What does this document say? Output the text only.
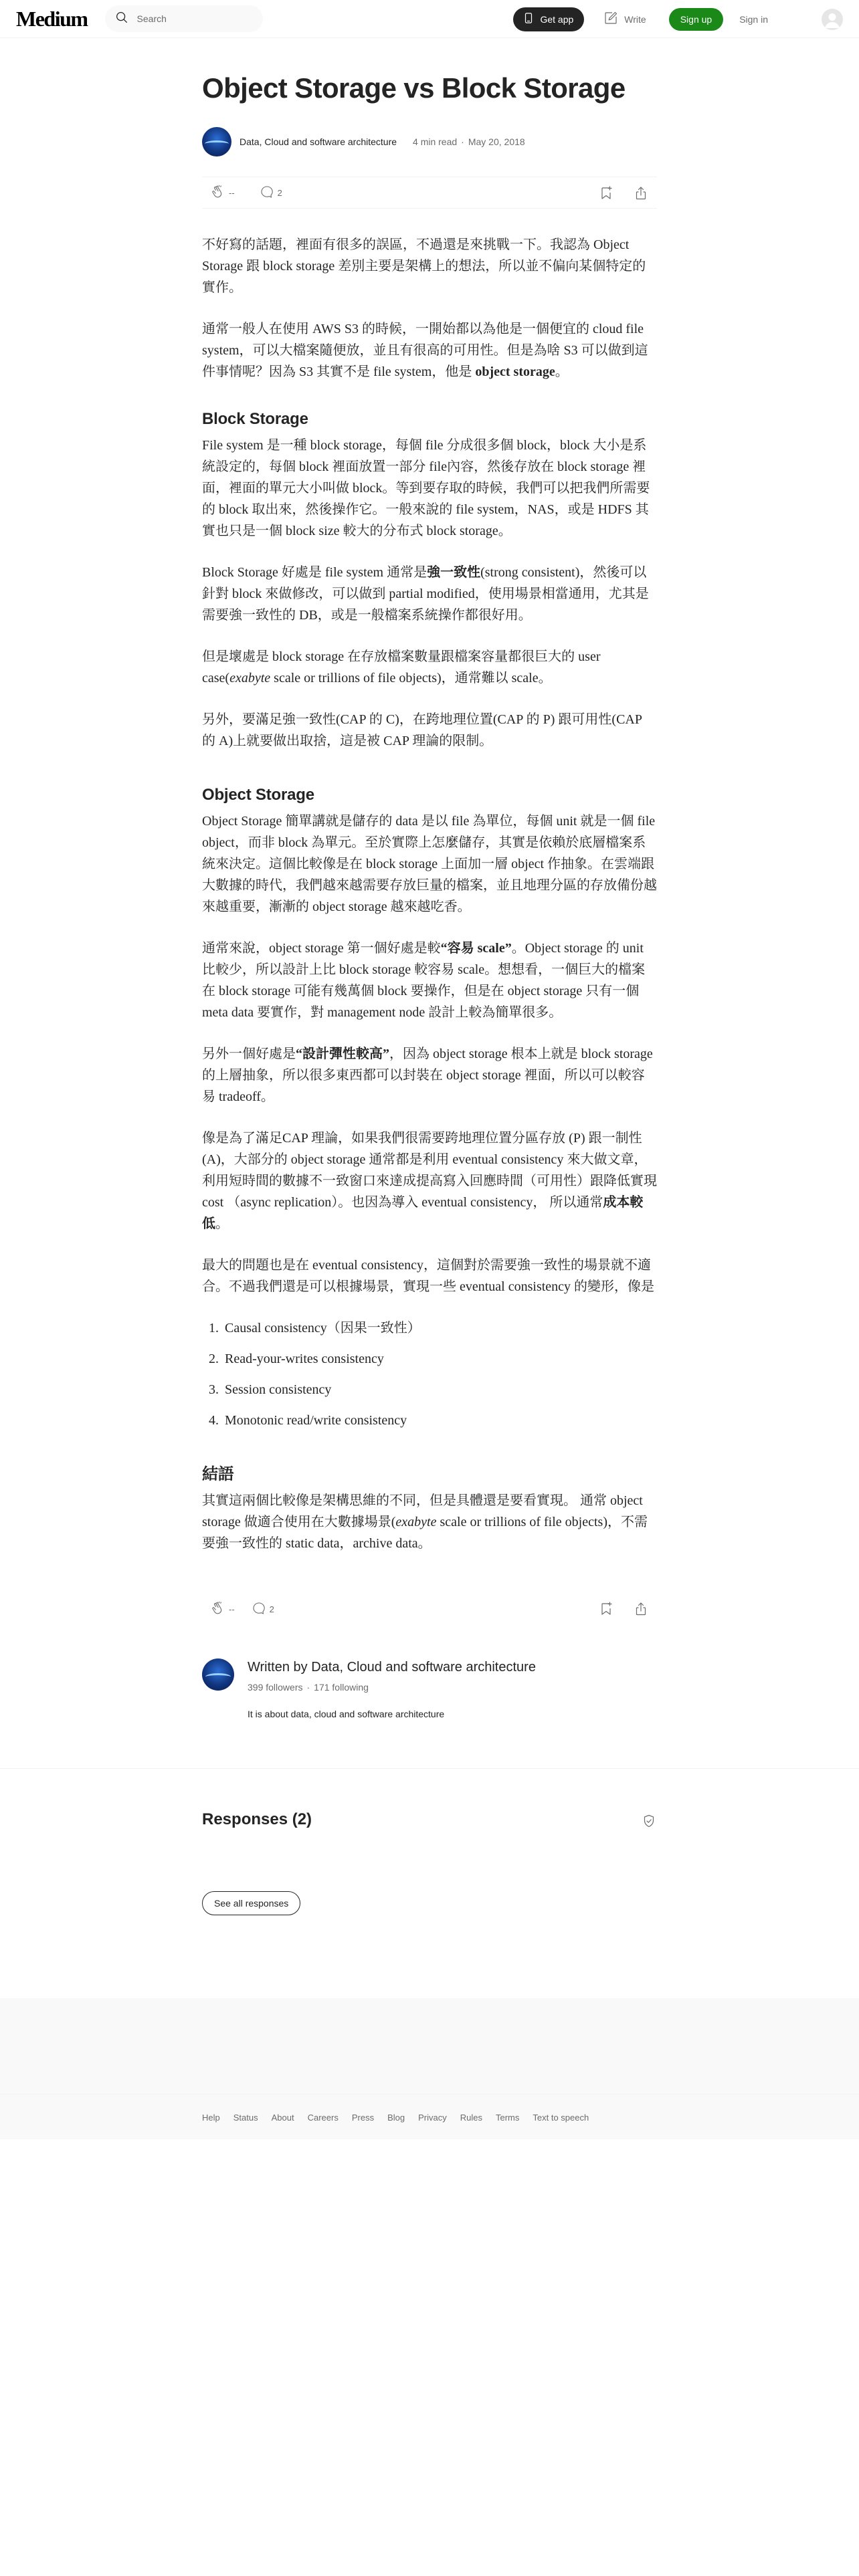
Medium
Search	Get app	Write	Sign up	Sign in
Object Storage vs Block Storage
Data, Cloud and software architecture 4 min read · May 20, 2018
--	2

不好寫的話題，裡面有很多的誤區，不過還是來挑戰一下。我認為 Object Storage 跟 block storage 差別主要是架構上的想法，所以並不偏向某個特定的實作。

通常一般人在使用 AWS S3 的時候，一開始都以為他是一個便宜的 cloud file system，可以大檔案隨便放，並且有很高的可用性。但是為啥 S3 可以做到這件事情呢？因為 S3 其實不是 file system，他是 object storage。

Block Storage

File system 是一種 block storage，每個 file 分成很多個 block，block 大小是系統設定的，每個 block 裡面放置一部分 file內容，然後存放在 block storage 裡面，裡面的單元大小叫做 block。等到要存取的時候，我們可以把我們所需要的 block 取出來，然後操作它。一般來說的 file system，NAS，或是 HDFS 其實也只是一個 block size 較大的分布式 block storage。

Block Storage 好處是 file system 通常是強一致性(strong consistent)，然後可以針對 block 來做修改，可以做到 partial modified，使用場景相當通用，尤其是需要強一致性的 DB，或是一般檔案系統操作都很好用。

但是壞處是 block storage 在存放檔案數量跟檔案容量都很巨大的 user case(exabyte scale or trillions of file objects)，通常難以 scale。

另外，要滿足強一致性(CAP 的 C)，在跨地理位置(CAP 的 P) 跟可用性(CAP 的 A)上就要做出取捨，這是被 CAP 理論的限制。

Object Storage

Object Storage 簡單講就是儲存的 data 是以 file 為單位，每個 unit 就是一個 file object，而非 block 為單元。至於實際上怎麼儲存，其實是依賴於底層檔案系統來決定。這個比較像是在 block storage 上面加一層 object 作抽象。在雲端跟大數據的時代，我們越來越需要存放巨量的檔案，並且地理分區的存放備份越來越重要，漸漸的 object storage 越來越吃香。

通常來說，object storage 第一個好處是較“容易 scale”。Object storage 的 unit 比較少，所以設計上比 block storage 較容易 scale。想想看，一個巨大的檔案在 block storage 可能有幾萬個 block 要操作，但是在 object storage 只有一個 meta data 要實作，對 management node 設計上較為簡單很多。

另外一個好處是“設計彈性較高”，因為 object storage 根本上就是 block storage 的上層抽象，所以很多東西都可以封裝在 object storage 裡面，所以可以較容易 tradeoff。

像是為了滿足CAP 理論，如果我們很需要跨地理位置分區存放 (P) 跟一制性 (A)，大部分的 object storage 通常都是利用 eventual consistency 來大做文章，利用短時間的數據不一致窗口來達成提高寫入回應時間（可用性）跟降低實現 cost （async replication）。也因為導入 eventual consistency， 所以通常成本較低。

最大的問題也是在 eventual consistency，這個對於需要強一致性的場景就不適合。不過我們還是可以根據場景，實現一些 eventual consistency 的變形，像是

1. Causal consistency（因果一致性）
2. Read-your-writes consistency
3. Session consistency
4. Monotonic read/write consistency
結語

其實這兩個比較像是架構思維的不同，但是具體還是要看實現。 通常 object storage 做適合使用在大數據場景(exabyte scale or trillions of file objects)，不需要強一致性的 static data，archive data。

--	2
Written by Data, Cloud and software architecture
399 followers · 171 following
It is about data, cloud and software architecture
Responses (2)
See all responses
Help Status About Careers Press Blog Privacy Rules Terms Text to speech
